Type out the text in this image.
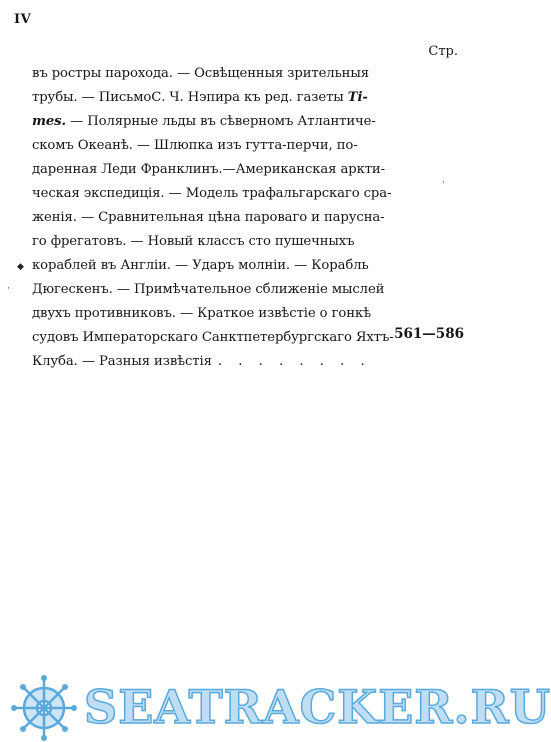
IV
Стр.
въ ростры парохода. — Освѣщенныя зрительныя
трубы. — ПисьмоС. Ч. Нэпира къ ред. газеты Ti-
mes. — Полярные льды въ сѣверномъ Атлантиче-
скомъ Океанѣ. — Шлюпка изъ гутта-перчи, по-
даренная Леди Франклинъ.—Американская аркти-
ческая экспедиція. — Модель трафальгарскаго сра-
женія. — Сравнительная цѣна пароваго и парусна-
го фрегатовъ. — Новый классъ сто пушечныхъ
кораблей въ Англіи. — Ударъ молніи. — Корабль
Дюгескенъ. — Примѣчательное сближеніе мыслей
двухъ противниковъ. — Краткое извѣстіе о гонкѣ
судовъ Императорскаго Санктпетербургскаго Яхтъ-
Клуба. — Разныя извѣстія . . . . . . . .
561—586
◆
·
·
SEATRACKER.RU
